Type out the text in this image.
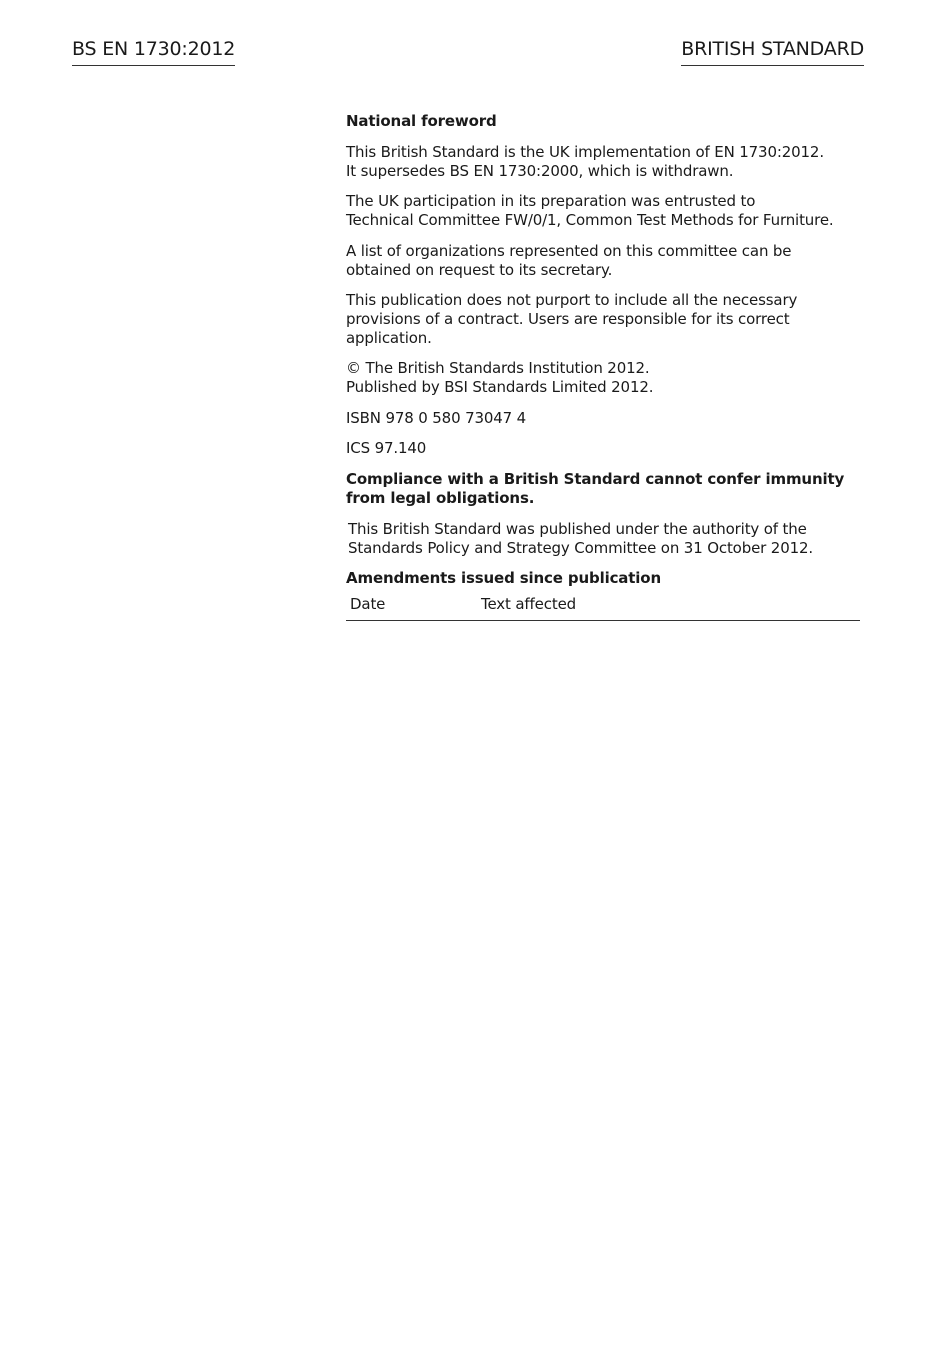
BS EN 1730:2012	BRITISH STANDARD

National foreword

This British Standard is the UK implementation of EN 1730:2012.
It supersedes BS EN 1730:2000, which is withdrawn.

The UK participation in its preparation was entrusted to
Technical Committee FW/0/1, Common Test Methods for Furniture.

A list of organizations represented on this committee can be
obtained on request to its secretary.

This publication does not purport to include all the necessary
provisions of a contract. Users are responsible for its correct
application.

© The British Standards Institution 2012.
Published by BSI Standards Limited 2012.

ISBN 978 0 580 73047 4

ICS 97.140

Compliance with a British Standard cannot confer immunity
from legal obligations.

This British Standard was published under the authority of the
Standards Policy and Strategy Committee on 31 October 2012.

Amendments issued since publication

Date	Text affected
